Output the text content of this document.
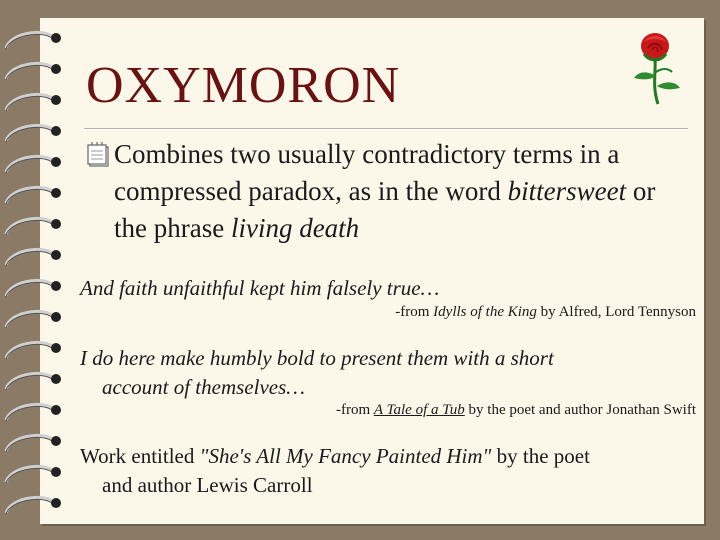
OXYMORON
Combines two usually contradictory terms in a compressed paradox, as in the word bittersweet or the phrase living death
And faith unfaithful kept him falsely true…
-from Idylls of the King by Alfred, Lord Tennyson
I do here make humbly bold to present them with a short
account of themselves…
-from A Tale of a Tub by the poet and author Jonathan Swift
Work entitled "She's All My Fancy Painted Him" by the poet
and author Lewis Carroll
